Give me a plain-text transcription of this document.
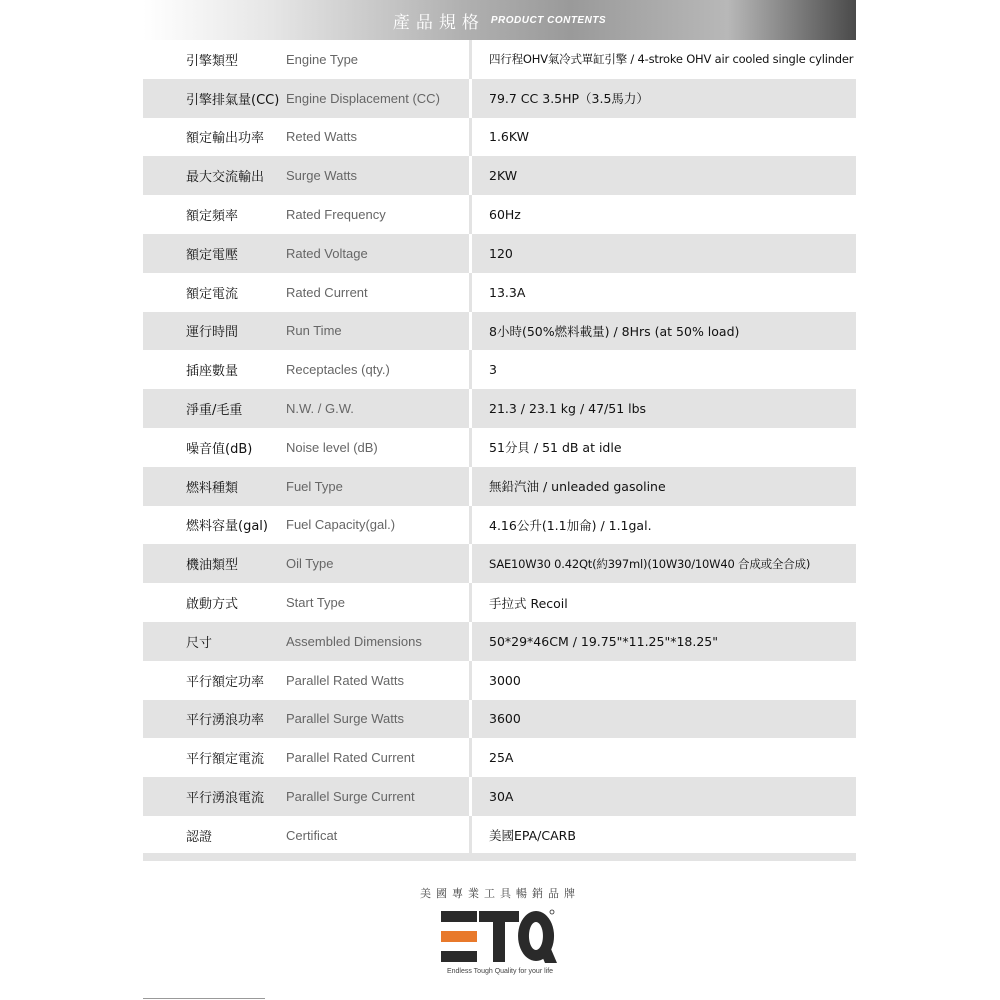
產品規格 PRODUCT CONTENTS
引擎類型	Engine Type	四行程OHV氣冷式單缸引擎 / 4-stroke OHV air cooled single cylinder
引擎排氣量(CC) Engine Displacement (CC)	79.7 CC 3.5HP（3.5馬力）
額定輸出功率	Reted Watts	1.6KW
最大交流輸出	Surge Watts	2KW
額定頻率	Rated Frequency	60Hz
額定電壓	Rated Voltage	120
額定電流	Rated Current	13.3A
運行時間	Run Time	8小時(50%燃料載量) / 8Hrs (at 50% load)
插座數量	Receptacles (qty.)	3
淨重/毛重	N.W. / G.W.	21.3 / 23.1 kg / 47/51 lbs
噪音值(dB)	Noise level (dB)	51分貝 / 51 dB at idle
燃料種類	Fuel Type	無鉛汽油 / unleaded gasoline
燃料容量(gal)	Fuel Capacity(gal.)	4.16公升(1.1加侖) / 1.1gal.
機油類型	Oil Type	SAE10W30 0.42Qt(約397ml)(10W30/10W40 合成或全合成)
啟動方式	Start Type	手拉式 Recoil
尺寸	Assembled Dimensions	50*29*46CM / 19.75"*11.25"*18.25"
平行額定功率	Parallel Rated Watts	3000
平行湧浪功率	Parallel Surge Watts	3600
平行額定電流	Parallel Rated Current	25A
平行湧浪電流	Parallel Surge Current	30A
認證	Certificat	美國EPA/CARB
美國專業工具暢銷品牌
Endless Tough Quality for your life
